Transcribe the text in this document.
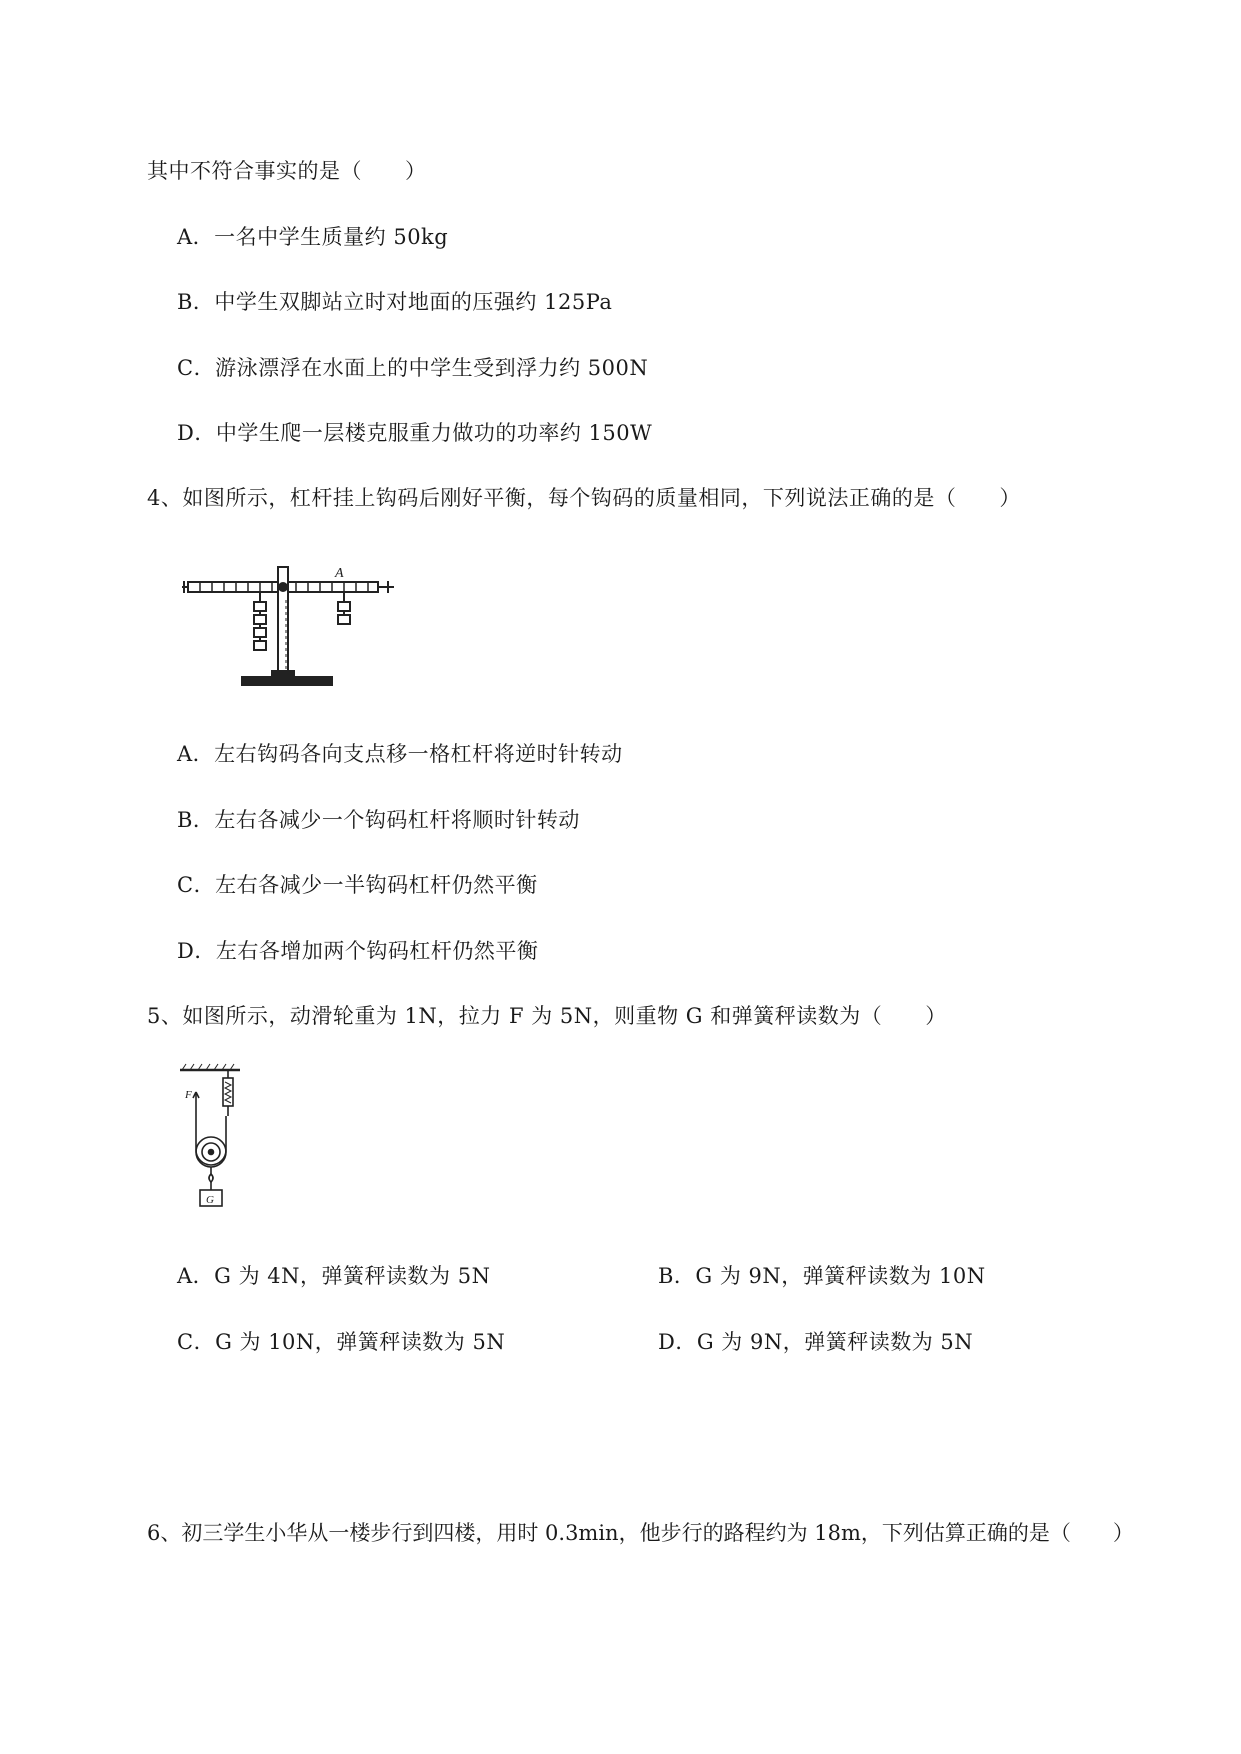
其中不符合事实的是（　　）
A．一名中学生质量约 50kg
B．中学生双脚站立时对地面的压强约 125Pa
C．游泳漂浮在水面上的中学生受到浮力约 500N
D．中学生爬一层楼克服重力做功的功率约 150W
4、如图所示，杠杆挂上钩码后刚好平衡，每个钩码的质量相同，下列说法正确的是（　　）
A
A．左右钩码各向支点移一格杠杆将逆时针转动
B．左右各减少一个钩码杠杆将顺时针转动
C．左右各减少一半钩码杠杆仍然平衡
D．左右各增加两个钩码杠杆仍然平衡
5、如图所示，动滑轮重为 1N，拉力 F 为 5N，则重物 G 和弹簧秤读数为（　　）
F
G
A．G 为 4N，弹簧秤读数为 5N	B．G 为 9N，弹簧秤读数为 10N
C．G 为 10N，弹簧秤读数为 5N	D．G 为 9N，弹簧秤读数为 5N
6、初三学生小华从一楼步行到四楼，用时 0.3min，他步行的路程约为 18m，下列估算正确的是（　　）
